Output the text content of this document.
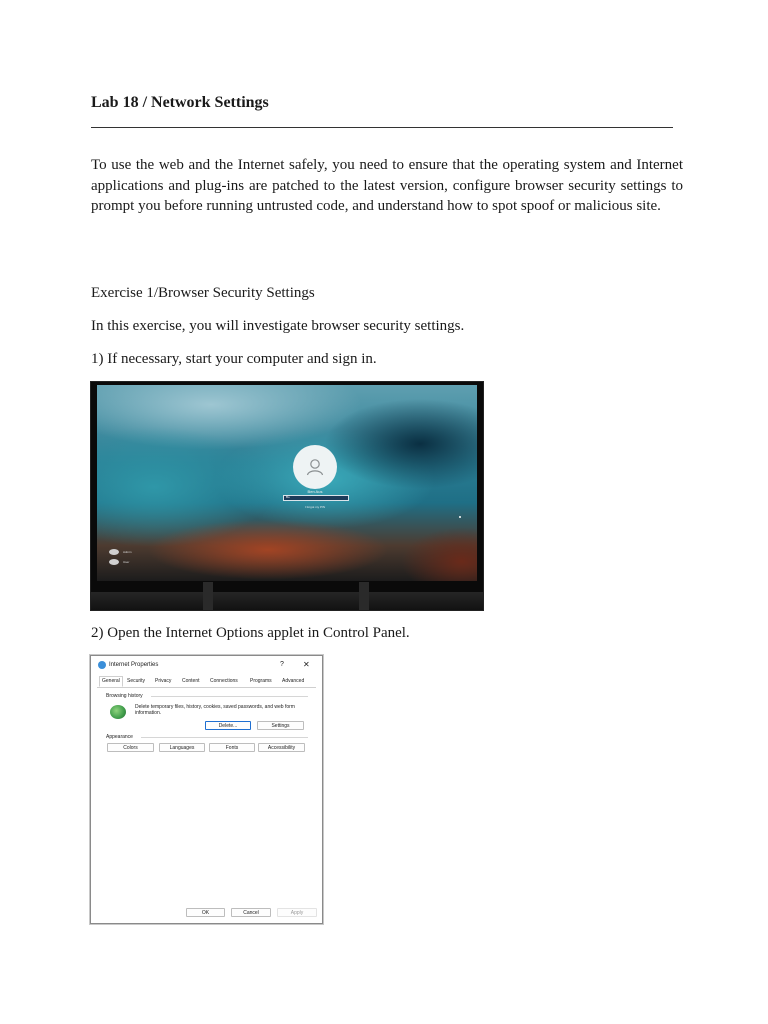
Lab 18 / Network Settings

To use the web and the Internet safely, you need to ensure that the operating system and Internet applications and plug-ins are patched to the latest version, configure browser security settings to prompt you before running untrusted code, and understand how to spot spoof or malicious site.

Exercise 1/Browser Security Settings

In this exercise, you will investigate browser security settings.

1) If necessary, start your computer and sign in.

Ben Aus
Bo
I forgot my PIN
Admin
User

2) Open the Internet Options applet in Control Panel.

Internet Properties	? ✕
General	Security Privacy Content Connections Programs Advanced
Browsing history
Delete temporary files, history, cookies, saved passwords, and web form information.
Delete...	Settings
Appearance
Colors	Languages	Fonts	Accessibility
OK	Cancel	Apply
